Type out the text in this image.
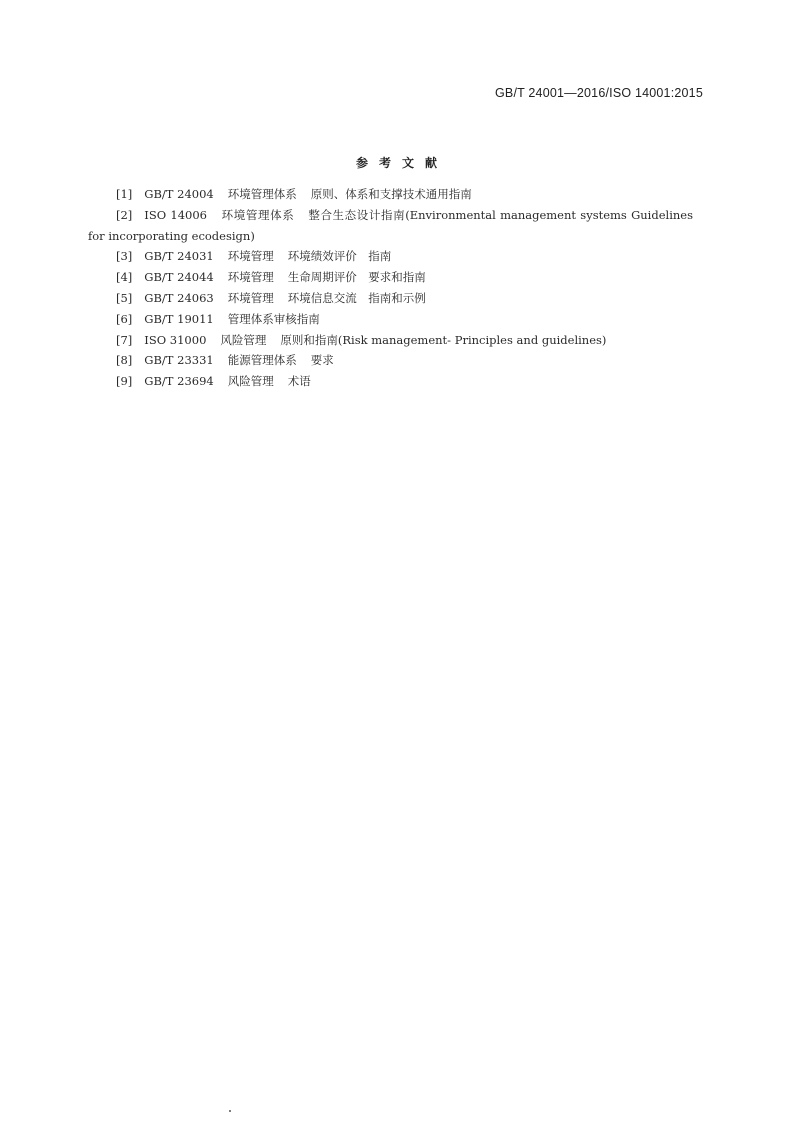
GB/T 24001—2016/ISO 14001:2015
参考文献
[1] GB/T 24004 环境管理体系 原则、体系和支撑技术通用指南
[2] ISO 14006 环境管理体系 整合生态设计指南(Environmental management systems Guidelines for incorporating ecodesign)
[3] GB/T 24031 环境管理 环境绩效评价　指南
[4] GB/T 24044 环境管理 生命周期评价　要求和指南
[5] GB/T 24063 环境管理 环境信息交流　指南和示例
[6] GB/T 19011 管理体系审核指南
[7] ISO 31000 风险管理 原则和指南(Risk management- Principles and guidelines)
[8] GB/T 23331 能源管理体系 要求
[9] GB/T 23694 风险管理 术语
